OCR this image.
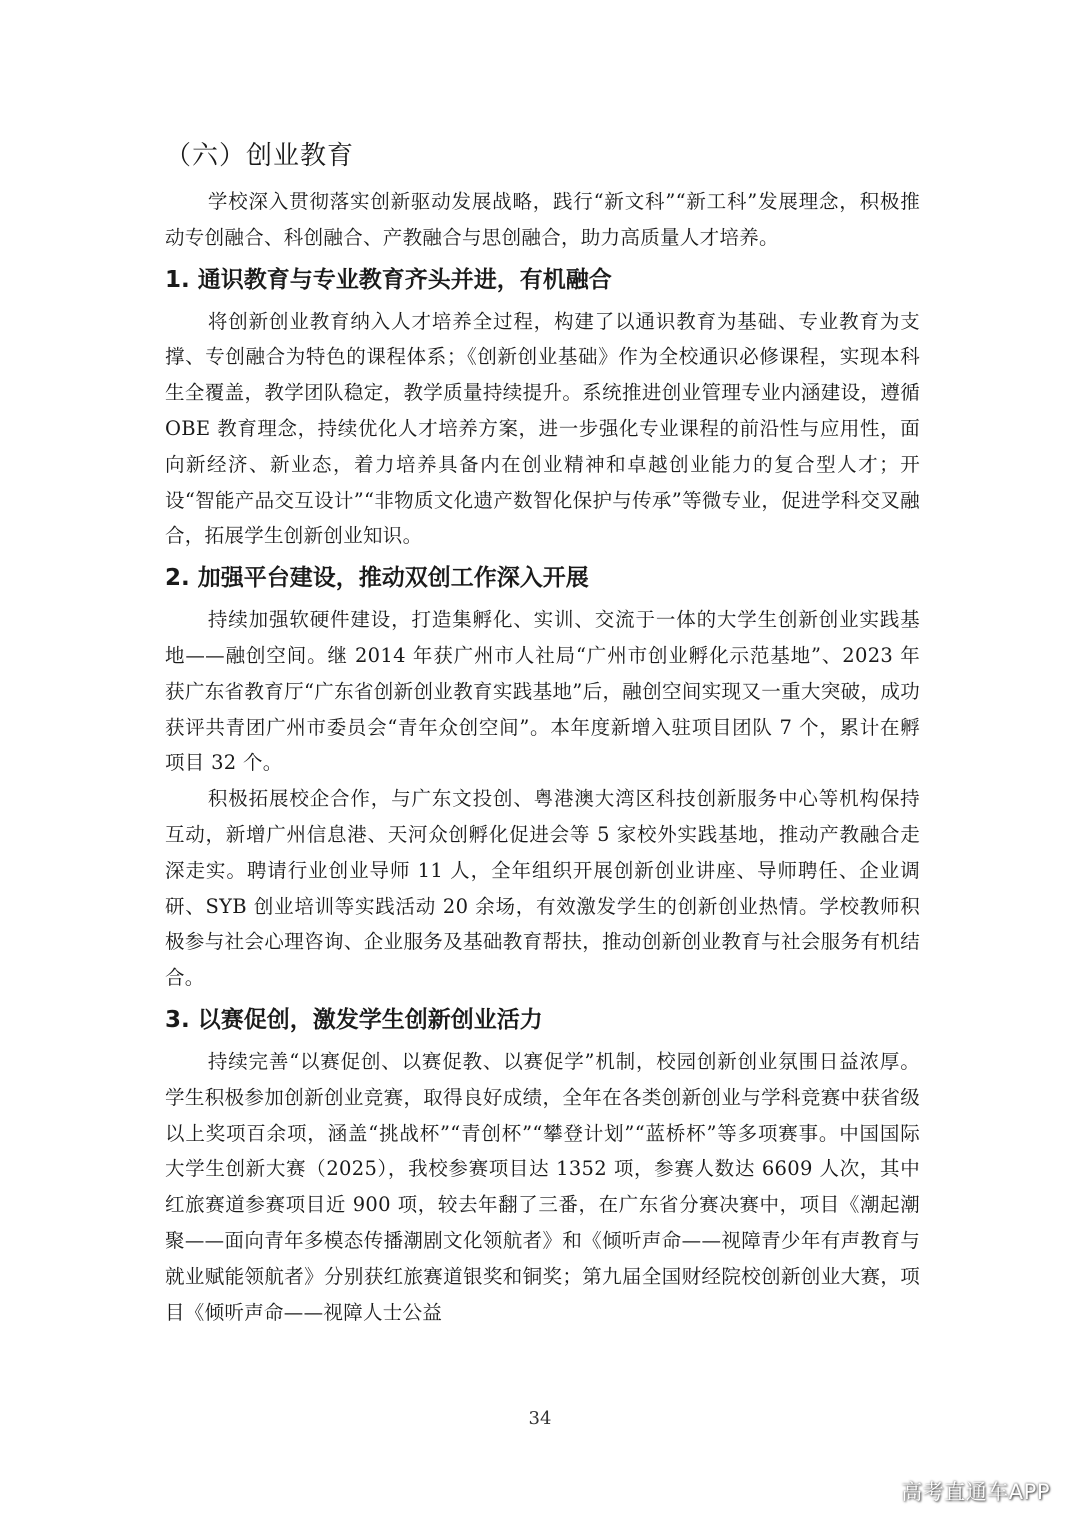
（六）创业教育

学校深入贯彻落实创新驱动发展战略，践行“新文科”“新工科”发展理念，积极推动专创融合、科创融合、产教融合与思创融合，助力高质量人才培养。

1. 通识教育与专业教育齐头并进，有机融合

将创新创业教育纳入人才培养全过程，构建了以通识教育为基础、专业教育为支撑、专创融合为特色的课程体系；《创新创业基础》作为全校通识必修课程，实现本科生全覆盖，教学团队稳定，教学质量持续提升。系统推进创业管理专业内涵建设，遵循 OBE 教育理念，持续优化人才培养方案，进一步强化专业课程的前沿性与应用性，面向新经济、新业态，着力培养具备内在创业精神和卓越创业能力的复合型人才；开设“智能产品交互设计”“非物质文化遗产数智化保护与传承”等微专业，促进学科交叉融合，拓展学生创新创业知识。

2. 加强平台建设，推动双创工作深入开展

持续加强软硬件建设，打造集孵化、实训、交流于一体的大学生创新创业实践基地——融创空间。继 2014 年获广州市人社局“广州市创业孵化示范基地”、2023 年获广东省教育厅“广东省创新创业教育实践基地”后，融创空间实现又一重大突破，成功获评共青团广州市委员会“青年众创空间”。本年度新增入驻项目团队 7 个，累计在孵项目 32 个。

积极拓展校企合作，与广东文投创、粤港澳大湾区科技创新服务中心等机构保持互动，新增广州信息港、天河众创孵化促进会等 5 家校外实践基地，推动产教融合走深走实。聘请行业创业导师 11 人，全年组织开展创新创业讲座、导师聘任、企业调研、SYB 创业培训等实践活动 20 余场，有效激发学生的创新创业热情。学校教师积极参与社会心理咨询、企业服务及基础教育帮扶，推动创新创业教育与社会服务有机结合。

3. 以赛促创，激发学生创新创业活力

持续完善“以赛促创、以赛促教、以赛促学”机制，校园创新创业氛围日益浓厚。学生积极参加创新创业竞赛，取得良好成绩，全年在各类创新创业与学科竞赛中获省级以上奖项百余项，涵盖“挑战杯”“青创杯”“攀登计划”“蓝桥杯”等多项赛事。中国国际大学生创新大赛（2025），我校参赛项目达 1352 项，参赛人数达 6609 人次，其中红旅赛道参赛项目近 900 项，较去年翻了三番，在广东省分赛决赛中，项目《潮起潮聚——面向青年多模态传播潮剧文化领航者》和《倾听声命——视障青少年有声教育与就业赋能领航者》分别获红旅赛道银奖和铜奖；第九届全国财经院校创新创业大赛，项目《倾听声命——视障人士公益

34
高考直通车APP
